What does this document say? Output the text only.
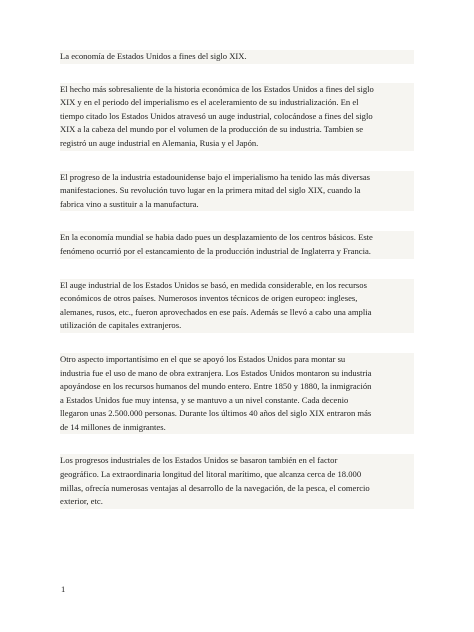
La economía de Estados Unidos a fines del siglo XIX.
El hecho más sobresaliente de la historia económica de los Estados Unidos a fines del siglo
XIX y en el periodo del imperialismo es el aceleramiento de su industrialización. En el
tiempo citado los Estados Unidos atravesó un auge industrial, colocándose a fines del siglo
XIX a la cabeza del mundo por el volumen de la producción de su industria. Tambien se
registró un auge industrial en Alemania, Rusia y el Japón.
El progreso de la industria estadounidense bajo el imperialismo ha tenido las más diversas
manifestaciones. Su revolución tuvo lugar en la primera mitad del siglo XIX, cuando la
fabrica vino a sustituir a la manufactura.
En la economía mundial se habia dado pues un desplazamiento de los centros básicos. Este
fenómeno ocurrió por el estancamiento de la producción industrial de Inglaterra y Francia.
El auge industrial de los Estados Unidos se basó, en medida considerable, en los recursos
económicos de otros países. Numerosos inventos técnicos de origen europeo: ingleses,
alemanes, rusos, etc., fueron aprovechados en ese país. Además se llevó a cabo una amplia
utilización de capitales extranjeros.
Otro aspecto importantísimo en el que se apoyó los Estados Unidos para montar su
industria fue el uso de mano de obra extranjera. Los Estados Unidos montaron su industria
apoyándose en los recursos humanos del mundo entero. Entre 1850 y 1880, la inmigración
a Estados Unidos fue muy intensa, y se mantuvo a un nivel constante. Cada decenio
llegaron unas 2.500.000 personas. Durante los últimos 40 años del siglo XIX entraron más
de 14 millones de inmigrantes.
Los progresos industriales de los Estados Unidos se basaron también en el factor
geográfico. La extraordinaria longitud del litoral marítimo, que alcanza cerca de 18.000
millas, ofrecía numerosas ventajas al desarrollo de la navegación, de la pesca, el comercio
exterior, etc.
1
